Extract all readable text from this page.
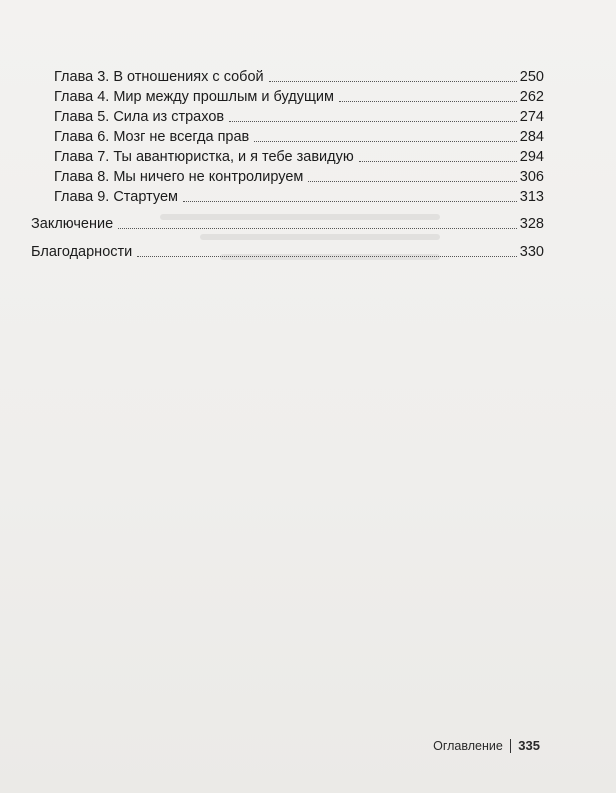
Глава 3. В отношениях с собой	250
Глава 4. Мир между прошлым и будущим	262
Глава 5. Сила из страхов	274
Глава 6. Мозг не всегда прав	284
Глава 7. Ты авантюристка, и я тебе завидую	294
Глава 8. Мы ничего не контролируем	306
Глава 9. Стартуем	313
Заключение	328
Благодарности	330
Оглавление 335
